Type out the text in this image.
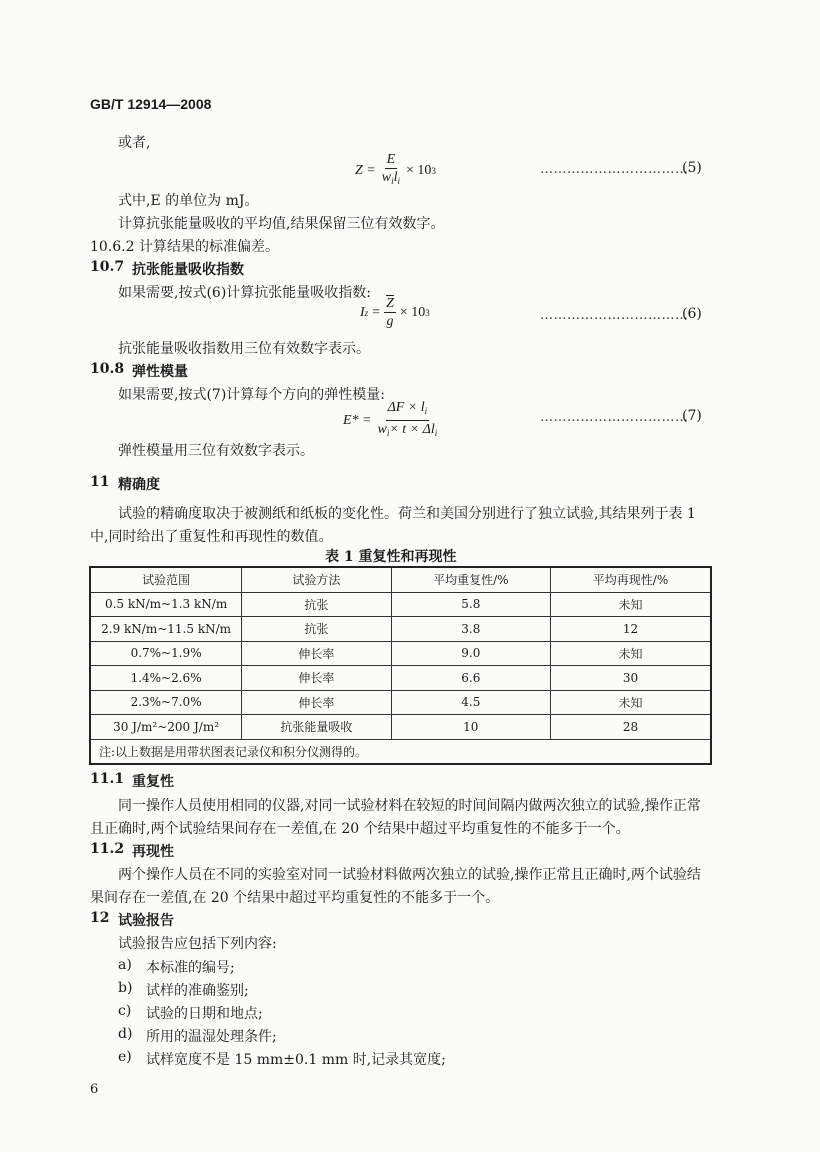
GB/T 12914—2008
或者,
$Z = \frac{E}{w_il_i} \times 10$ 3	……………………………
(5)
式中,E 的单位为 mJ。
计算抗张能量吸收的平均值,结果保留三位有效数字。
10.6.2 计算结果的标准偏差。
10.7 抗张能量吸收指数
如果需要,按式(6)计算抗张能量吸收指数:
I $z = \frac{\overline{Z}}{g} \times 10$ 3	……………………………
(6)
抗张能量吸收指数用三位有效数字表示。
10.8 弹性模量
如果需要,按式(7)计算每个方向的弹性模量:
$E* = \frac{\Delta F \times l_i}{w_i\times t \times \Delta l_i}$	……………………………
(7)
弹性模量用三位有效数字表示。
11 精确度
试验的精确度取决于被测纸和纸板的变化性。荷兰和美国分别进行了独立试验,其结果列于表 1
中,同时给出了重复性和再现性的数值。
表 1 重复性和再现性
试验范围	试验方法	平均重复性/%	平均再现性/%
0.5 kN/m~1.3 kN/m	抗张	5.8	未知
2.9 kN/m~11.5 kN/m	抗张	3.8	12
0.7%~1.9%	伸长率	9.0	未知
1.4%~2.6%	伸长率	6.6	30
2.3%~7.0%	伸长率	4.5	未知
30 J/m²~200 J/m²	抗张能量吸收	10	28
注:以上数据是用带状图表记录仪和积分仪测得的。			
11.1 重复性
同一操作人员使用相同的仪器,对同一试验材料在较短的时间间隔内做两次独立的试验,操作正常
且正确时,两个试验结果间存在一差值,在 20 个结果中超过平均重复性的不能多于一个。
11.2 再现性
两个操作人员在不同的实验室对同一试验材料做两次独立的试验,操作正常且正确时,两个试验结
果间存在一差值,在 20 个结果中超过平均重复性的不能多于一个。
12 试验报告
试验报告应包括下列内容:
a) 本标准的编号;
b) 试样的准确鉴别;
c) 试验的日期和地点;
d) 所用的温湿处理条件;
e) 试样宽度不是 15 mm±0.1 mm 时,记录其宽度;
6
